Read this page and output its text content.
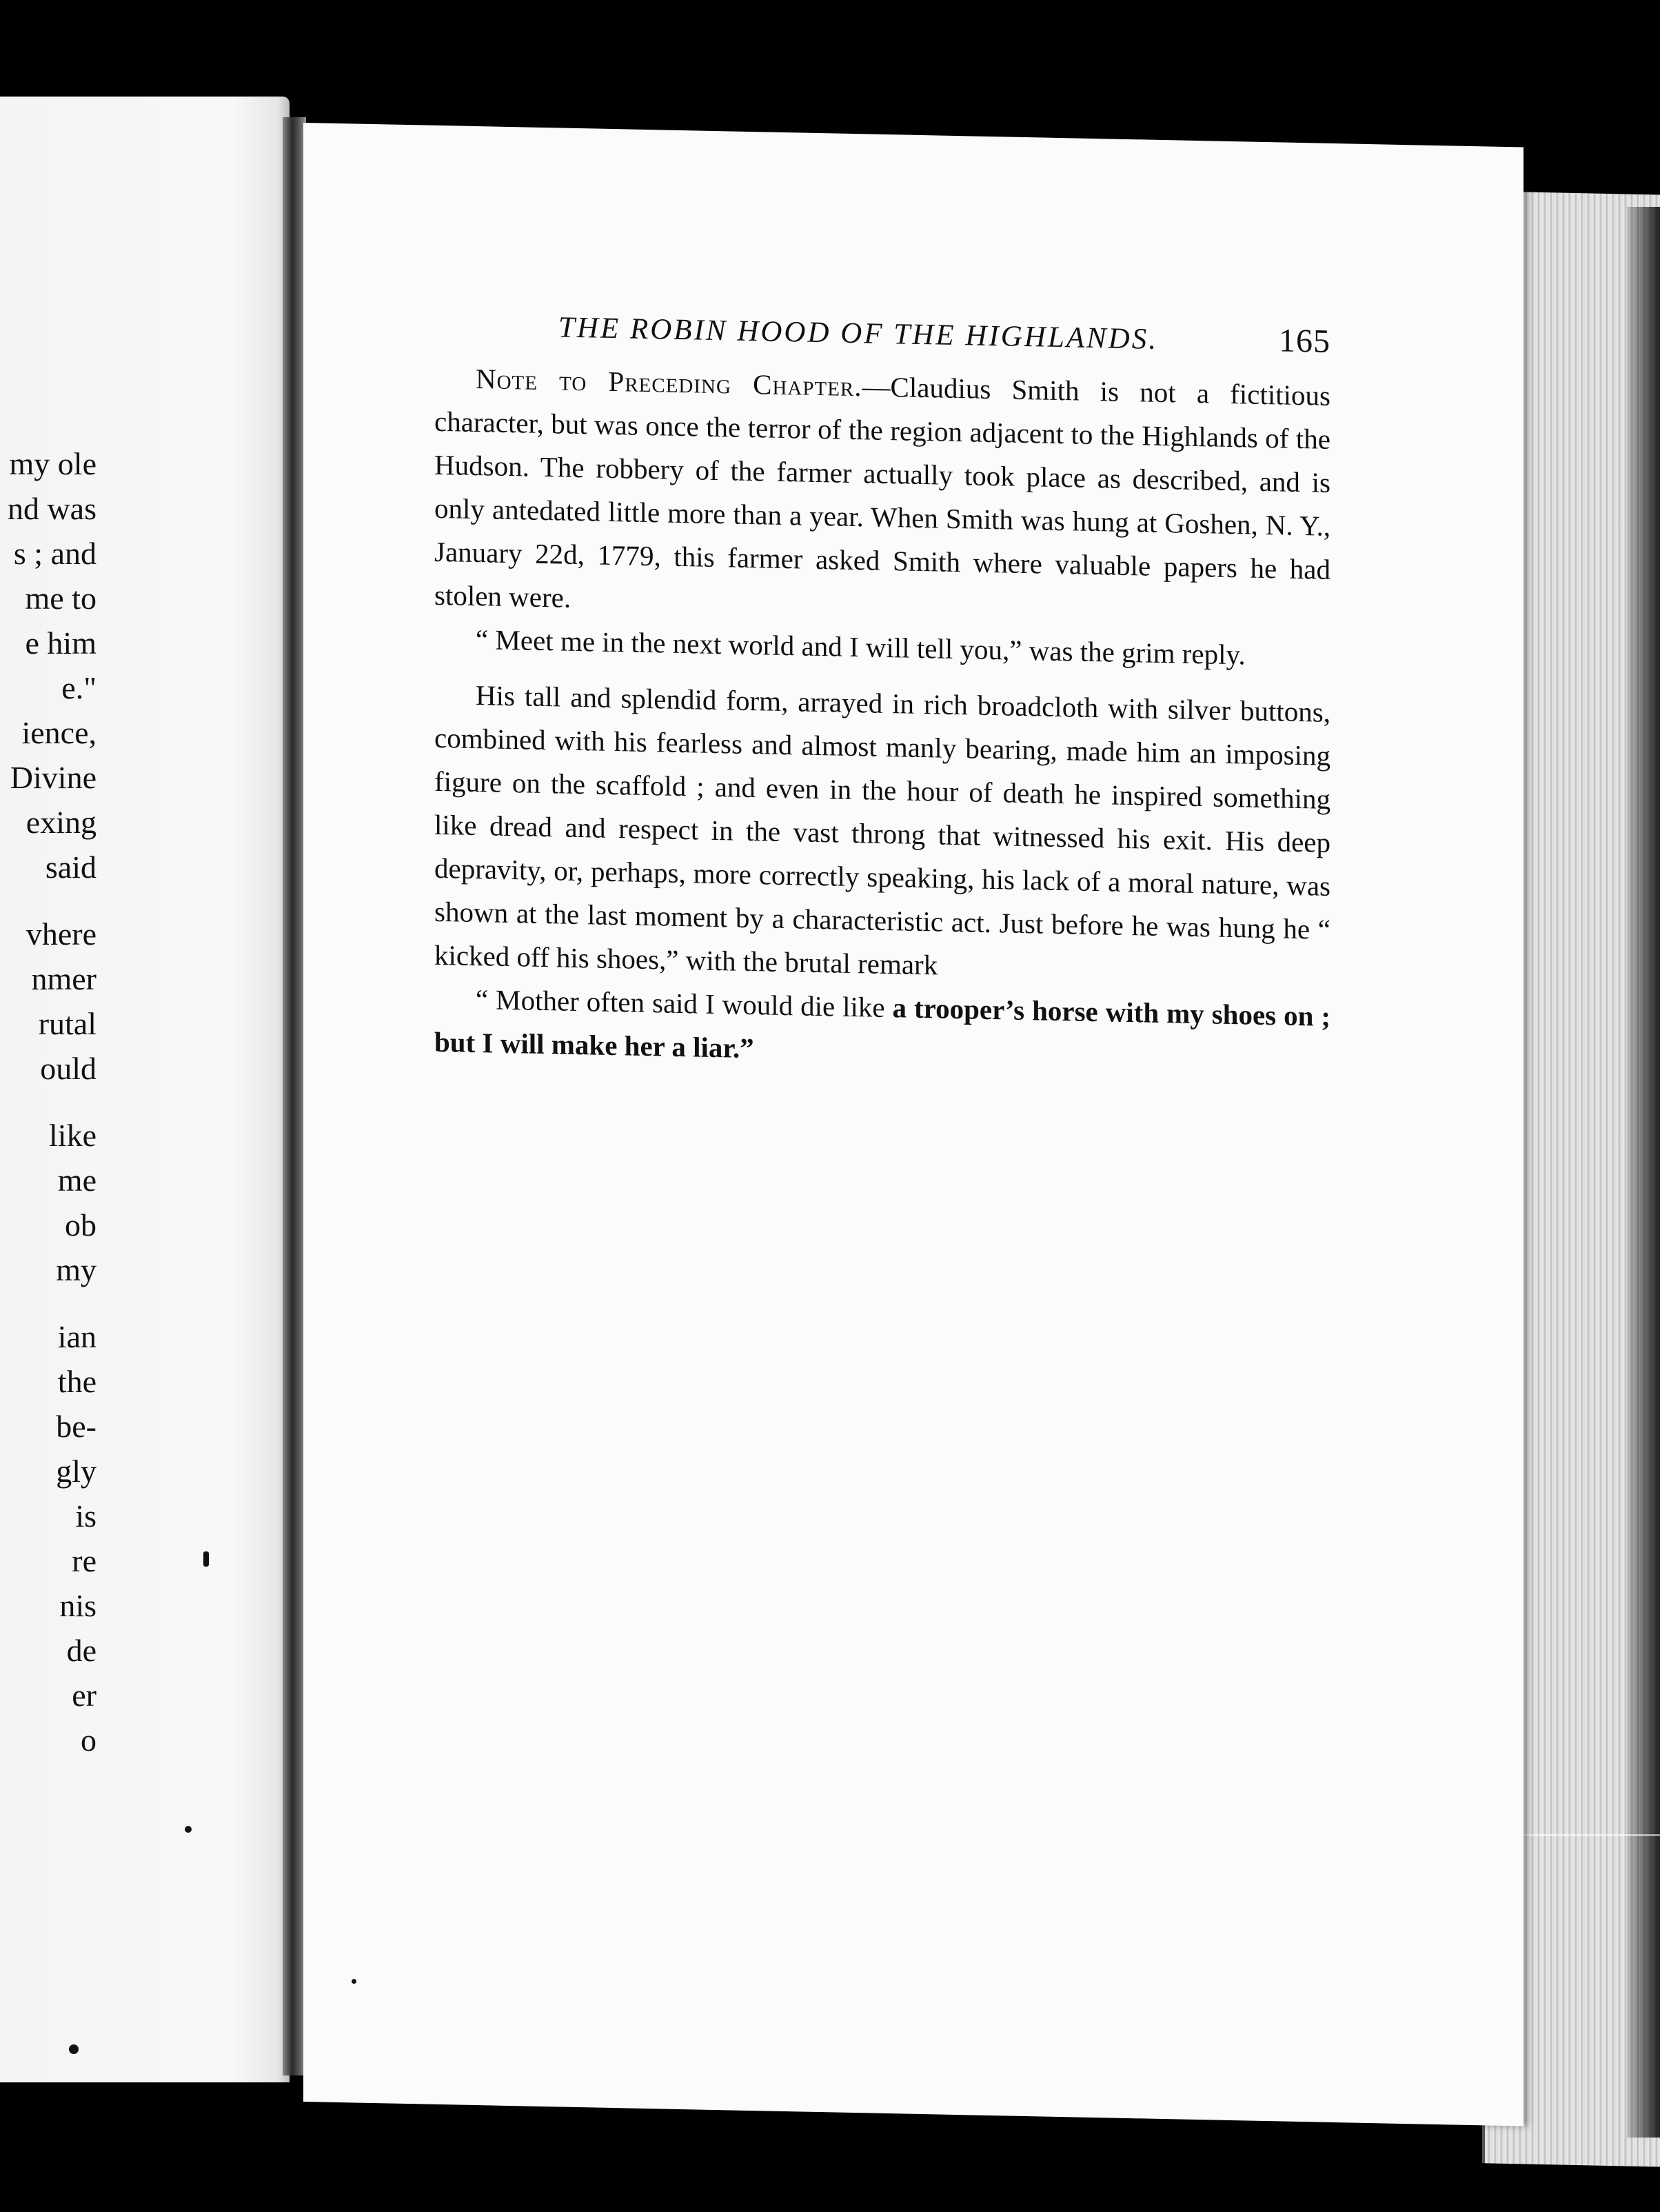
my ole
nd was
s ; and
me to
e him
e."
ience,
Divine
exing
said
vhere
nmer
rutal
ould
like
me
ob
my
ian
the
be-
gly
is
re
nis
de
er
o
THE ROBIN HOOD OF THE HIGHLANDS.	165

Note to Preceding Chapter.—Claudius Smith is not a fictitious character, but was once the terror of the region adjacent to the Highlands of the Hudson. The robbery of the farmer actually took place as described, and is only antedated little more than a year. When Smith was hung at Goshen, N. Y., January 22d, 1779, this farmer asked Smith where valuable papers he had stolen were.

“ Meet me in the next world and I will tell you,” was the grim reply.

His tall and splendid form, arrayed in rich broadcloth with silver buttons, combined with his fearless and almost manly bearing, made him an imposing figure on the scaffold ; and even in the hour of death he inspired something like dread and respect in the vast throng that witnessed his exit. His deep depravity, or, perhaps, more correctly speaking, his lack of a moral nature, was shown at the last moment by a characteristic act. Just before he was hung he “ kicked off his shoes,” with the brutal remark

“ Mother often said I would die like a trooper’s horse with my shoes on ; but I will make her a liar.”
